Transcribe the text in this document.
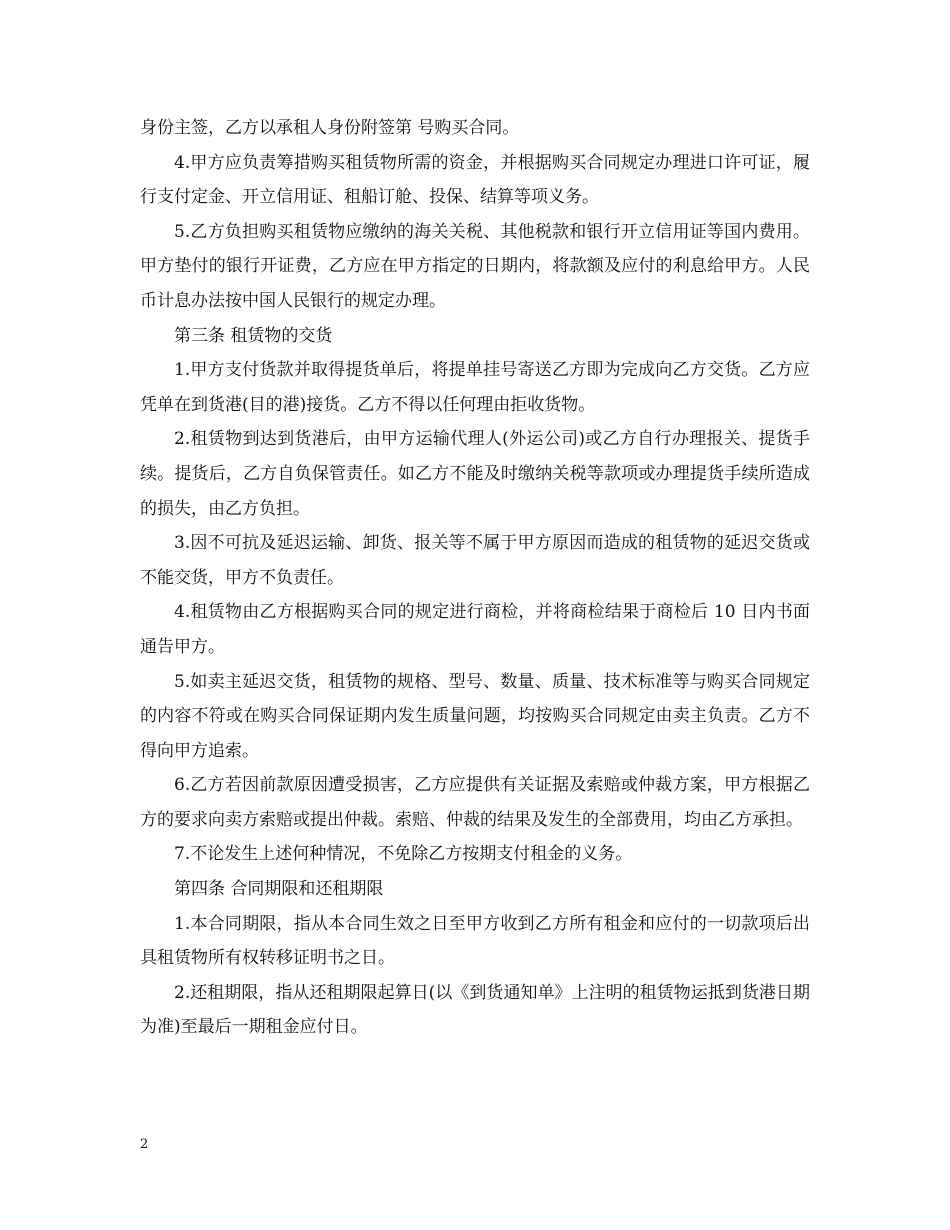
身份主签，乙方以承租人身份附签第 号购买合同。

4.甲方应负责筹措购买租赁物所需的资金，并根据购买合同规定办理进口许可证，履行支付定金、开立信用证、租船订舱、投保、结算等项义务。

5.乙方负担购买租赁物应缴纳的海关关税、其他税款和银行开立信用证等国内费用。甲方垫付的银行开证费，乙方应在甲方指定的日期内，将款额及应付的利息给甲方。人民币计息办法按中国人民银行的规定办理。

第三条 租赁物的交货

1.甲方支付货款并取得提货单后，将提单挂号寄送乙方即为完成向乙方交货。乙方应凭单在到货港(目的港)接货。乙方不得以任何理由拒收货物。

2.租赁物到达到货港后，由甲方运输代理人(外运公司)或乙方自行办理报关、提货手续。提货后，乙方自负保管责任。如乙方不能及时缴纳关税等款项或办理提货手续所造成的损失，由乙方负担。

3.因不可抗及延迟运输、卸货、报关等不属于甲方原因而造成的租赁物的延迟交货或不能交货，甲方不负责任。

4.租赁物由乙方根据购买合同的规定进行商检，并将商检结果于商检后 10 日内书面通告甲方。

5.如卖主延迟交货，租赁物的规格、型号、数量、质量、技术标准等与购买合同规定的内容不符或在购买合同保证期内发生质量问题，均按购买合同规定由卖主负责。乙方不得向甲方追索。

6.乙方若因前款原因遭受损害，乙方应提供有关证据及索赔或仲裁方案，甲方根据乙方的要求向卖方索赔或提出仲裁。索赔、仲裁的结果及发生的全部费用，均由乙方承担。

7.不论发生上述何种情况，不免除乙方按期支付租金的义务。

第四条 合同期限和还租期限

1.本合同期限，指从本合同生效之日至甲方收到乙方所有租金和应付的一切款项后出具租赁物所有权转移证明书之日。

2.还租期限，指从还租期限起算日(以《到货通知单》上注明的租赁物运抵到货港日期为准)至最后一期租金应付日。

2
